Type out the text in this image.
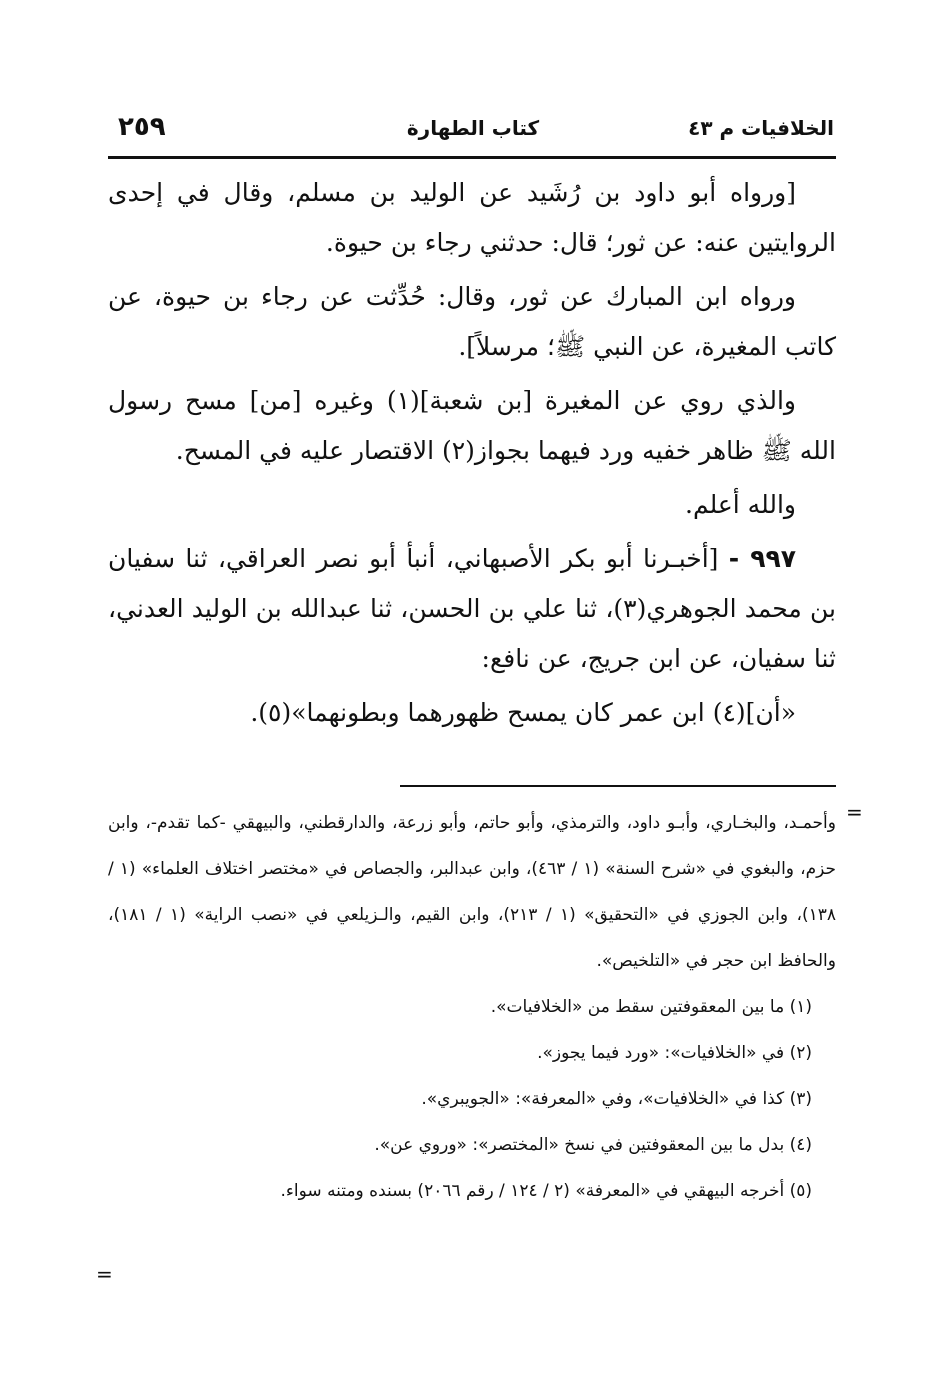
الخلافيات م ٤٣
كتاب الطهارة
٢٥٩

[ورواه أبو داود بن رُشَيد عن الوليد بن مسلم، وقال في إحدى الروايتين عنه: عن ثور؛ قال: حدثني رجاء بن حيوة.

ورواه ابن المبارك عن ثور، وقال: حُدِّثت عن رجاء بن حيوة، عن كاتب المغيرة، عن النبي ﷺ؛ مرسلاً].

والذي روي عن المغيرة [بن شعبة](١) وغيره [من] مسح رسول الله ﷺ ظاهر خفيه ورد فيهما بجواز(٢) الاقتصار عليه في المسح.

والله أعلم.

٩٩٧ - [أخبـرنا أبو بكر الأصبهاني، أنبأ أبو نصر العراقي، ثنا سفيان بن محمد الجوهري(٣)، ثنا علي بن الحسن، ثنا عبدالله بن الوليد العدني، ثنا سفيان، عن ابن جريج، عن نافع:

«أن](٤) ابن عمر كان يمسح ظهورهما وبطونهما»(٥).

=

وأحمـد، والبخـاري، وأبـو داود، والترمذي، وأبو حاتم، وأبو زرعة، والدارقطني، والبيهقي -كما تقدم-، وابن حزم، والبغوي في «شرح السنة» (١ / ٤٦٣)، وابن عبدالبر، والجصاص في «مختصر اختلاف العلماء» (١ / ١٣٨)، وابن الجوزي في «التحقيق» (١ / ٢١٣)، وابن القيم، والـزيلعي في «نصب الراية» (١ / ١٨١)، والحافظ ابن حجر في «التلخيص».

(١) ما بين المعقوفتين سقط من «الخلافيات».

(٢) في «الخلافيات»: «ورد فيما يجوز».

(٣) كذا في «الخلافيات»، وفي «المعرفة»: «الجويبري».

(٤) بدل ما بين المعقوفتين في نسخ «المختصر»: «وروي عن».

(٥) أخرجه البيهقي في «المعرفة» (٢ / ١٢٤ / رقم ٢٠٦٦) بسنده ومتنه سواء.

=
